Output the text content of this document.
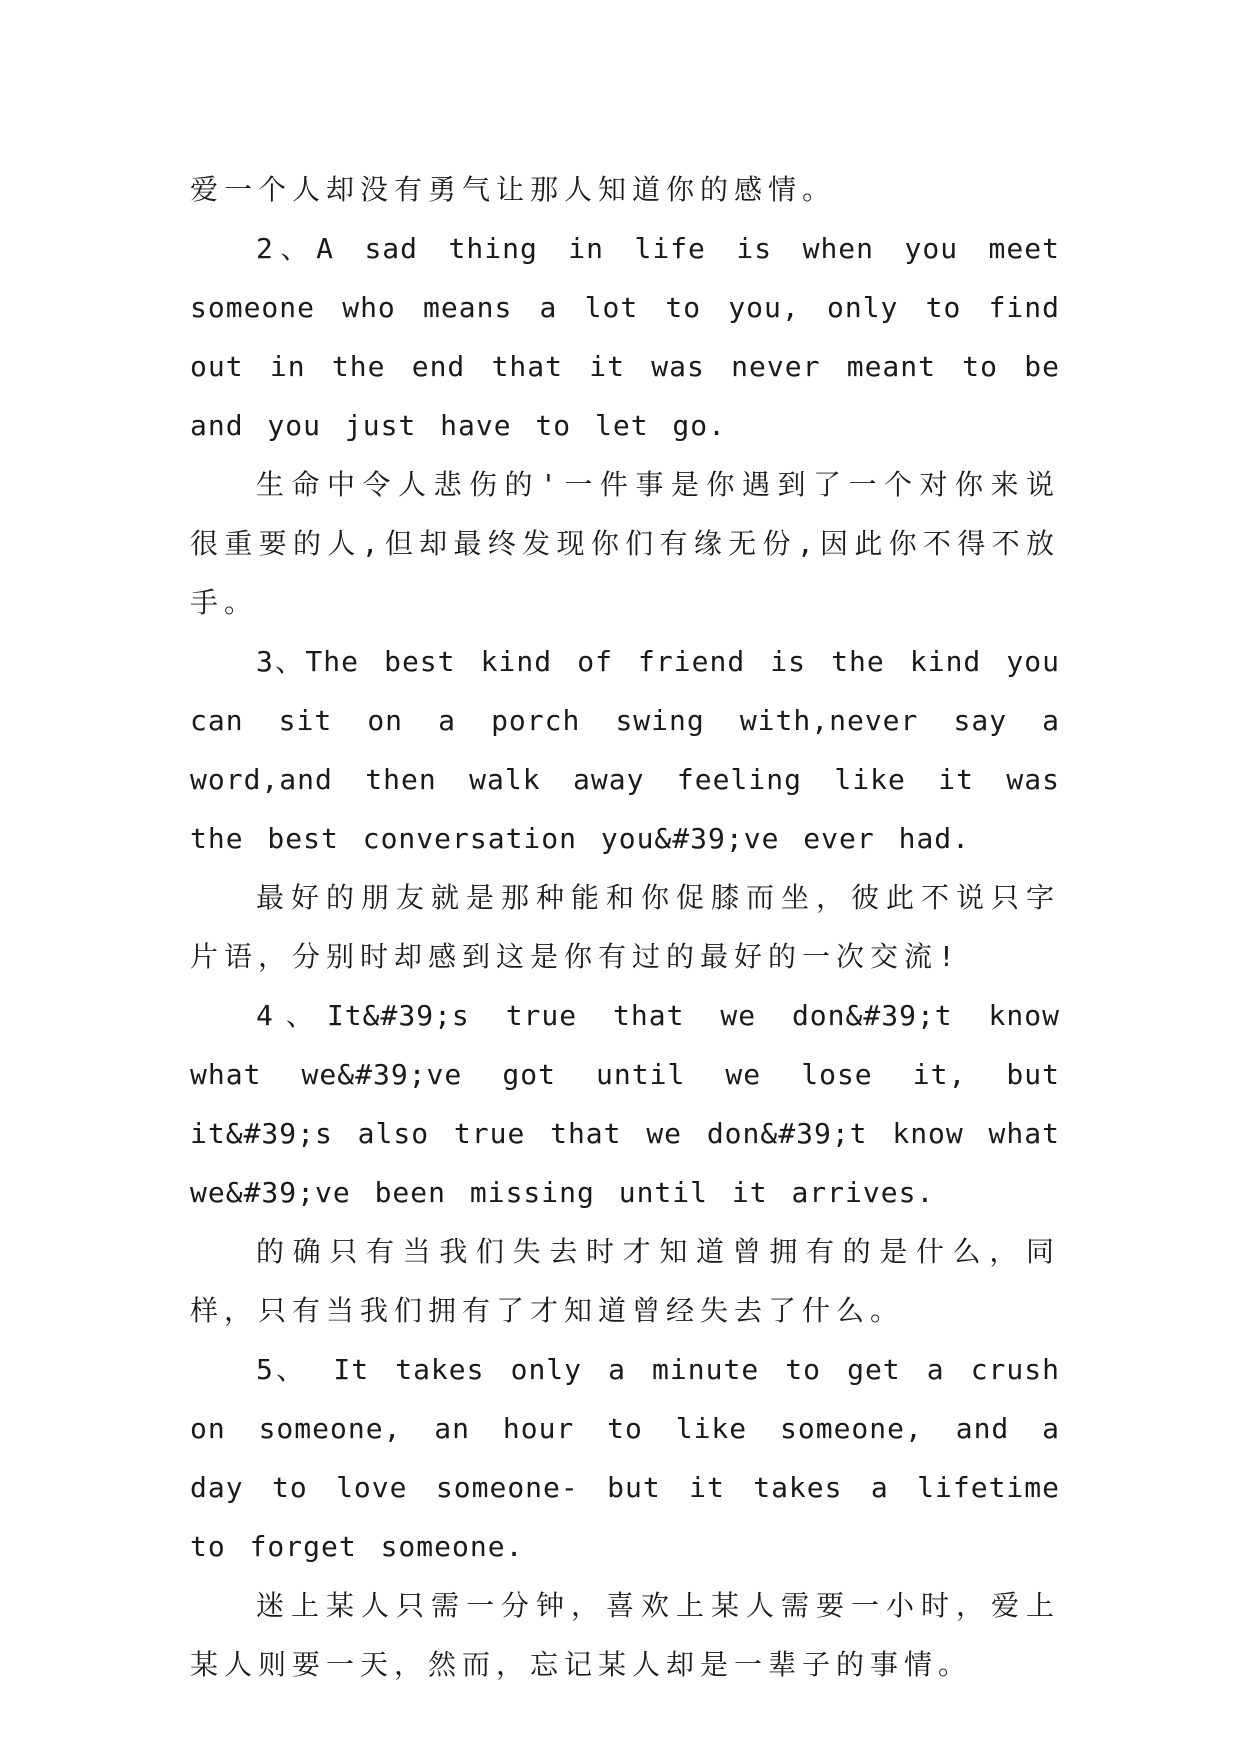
爱一个人却没有勇气让那人知道你的感情。

2、A sad thing in life is when you meet someone who means a lot to you, only to find out in the end that it was never meant to be and you just have to let go.

生命中令人悲伤的'一件事是你遇到了一个对你来说很重要的人,但却最终发现你们有缘无份,因此你不得不放手。

3、The best kind of friend is the kind you can sit on a porch swing with,never say a word,and then walk away feeling like it was the best conversation you&#39;ve ever had.

最好的朋友就是那种能和你促膝而坐，彼此不说只字片语，分别时却感到这是你有过的最好的一次交流!

4、It&#39;s true that we don&#39;t know what we&#39;ve got until we lose it, but it&#39;s also true that we don&#39;t know what we&#39;ve been missing until it arrives.

的确只有当我们失去时才知道曾拥有的是什么，同样，只有当我们拥有了才知道曾经失去了什么。

5、 It takes only a minute to get a crush on someone, an hour to like someone, and a day to love someone- but it takes a lifetime to forget someone.

迷上某人只需一分钟，喜欢上某人需要一小时，爱上某人则要一天，然而，忘记某人却是一辈子的事情。
